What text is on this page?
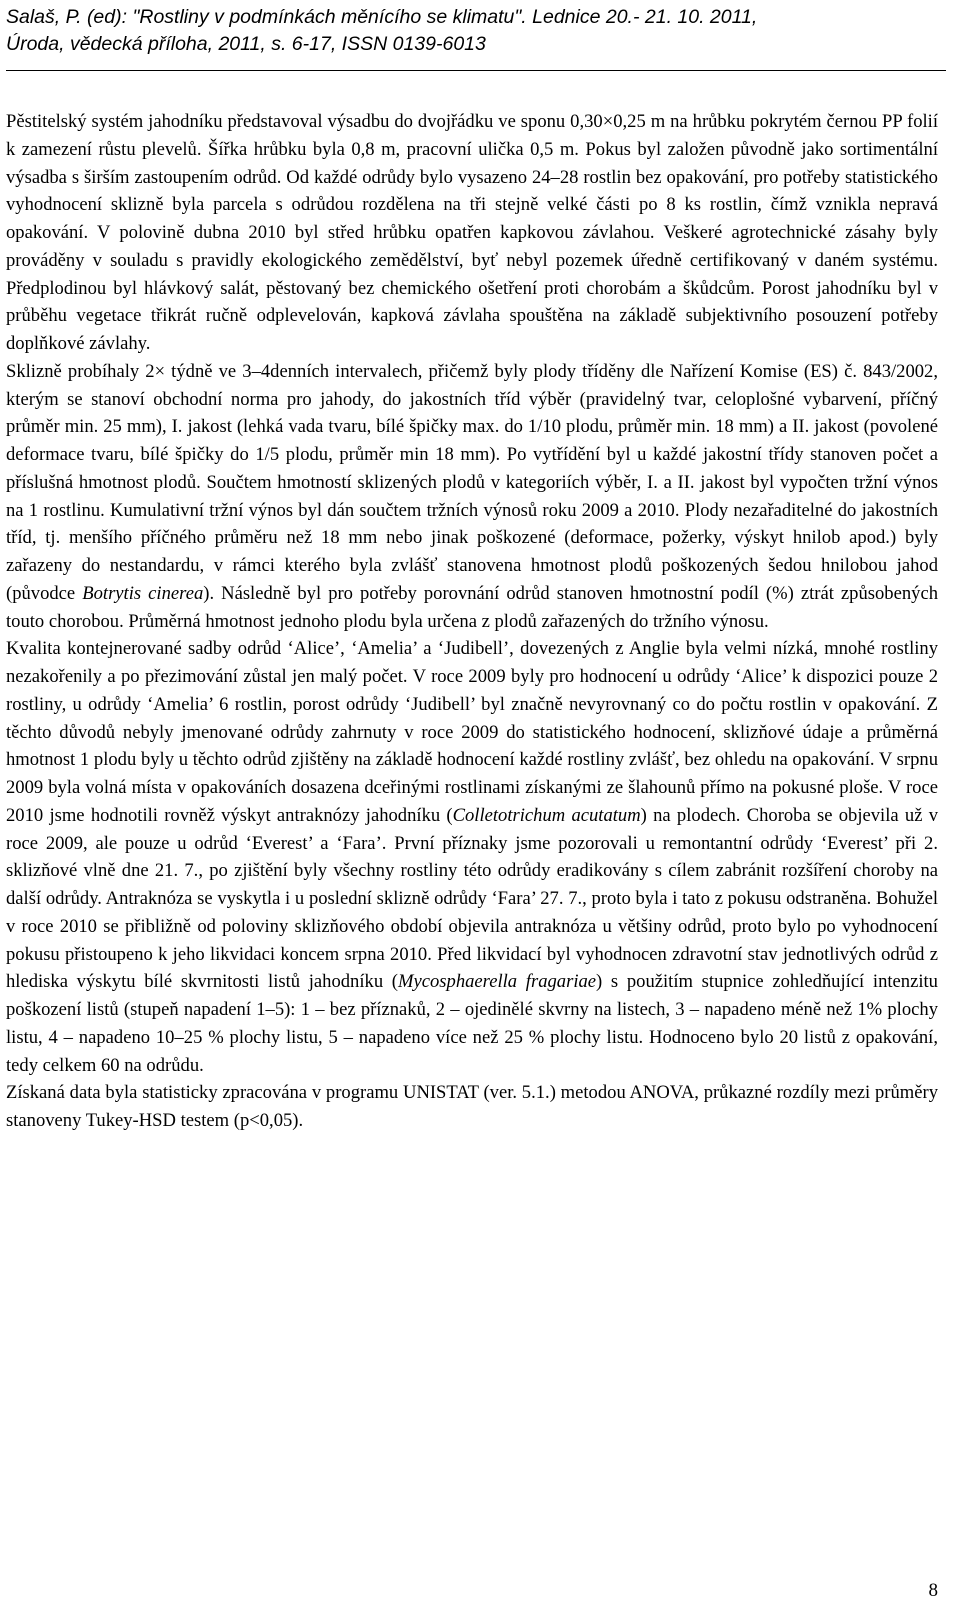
Salaš, P. (ed): "Rostliny v podmínkách měnícího se klimatu". Lednice 20.- 21. 10. 2011,
Úroda, vědecká příloha, 2011, s. 6-17, ISSN 0139-6013

Pěstitelský systém jahodníku představoval výsadbu do dvojřádku ve sponu 0,30×0,25 m na hrůbku pokrytém černou PP folií k zamezení růstu plevelů. Šířka hrůbku byla 0,8 m, pracovní ulička 0,5 m. Pokus byl založen původně jako sortimentální výsadba s širším zastoupením odrůd. Od každé odrůdy bylo vysazeno 24–28 rostlin bez opakování, pro potřeby statistického vyhodnocení sklizně byla parcela s odrůdou rozdělena na tři stejně velké části po 8 ks rostlin, čímž vznikla nepravá opakování. V polovině dubna 2010 byl střed hrůbku opatřen kapkovou závlahou. Veškeré agrotechnické zásahy byly prováděny v souladu s pravidly ekologického zemědělství, byť nebyl pozemek úředně certifikovaný v daném systému. Předplodinou byl hlávkový salát, pěstovaný bez chemického ošetření proti chorobám a škůdcům. Porost jahodníku byl v průběhu vegetace třikrát ručně odplevelován, kapková závlaha spouštěna na základě subjektivního posouzení potřeby doplňkové závlahy.

Sklizně probíhaly 2× týdně ve 3–4denních intervalech, přičemž byly plody tříděny dle Nařízení Komise (ES) č. 843/2002, kterým se stanoví obchodní norma pro jahody, do jakostních tříd výběr (pravidelný tvar, celoplošné vybarvení, příčný průměr min. 25 mm), I. jakost (lehká vada tvaru, bílé špičky max. do 1/10 plodu, průměr min. 18 mm) a II. jakost (povolené deformace tvaru, bílé špičky do 1/5 plodu, průměr min 18 mm). Po vytřídění byl u každé jakostní třídy stanoven počet a příslušná hmotnost plodů. Součtem hmotností sklizených plodů v kategoriích výběr, I. a II. jakost byl vypočten tržní výnos na 1 rostlinu. Kumulativní tržní výnos byl dán součtem tržních výnosů roku 2009 a 2010. Plody nezařaditelné do jakostních tříd, tj. menšího příčného průměru než 18 mm nebo jinak poškozené (deformace, požerky, výskyt hnilob apod.) byly zařazeny do nestandardu, v rámci kterého byla zvlášť stanovena hmotnost plodů poškozených šedou hnilobou jahod (původce Botrytis cinerea). Následně byl pro potřeby porovnání odrůd stanoven hmotnostní podíl (%) ztrát způsobených touto chorobou. Průměrná hmotnost jednoho plodu byla určena z plodů zařazených do tržního výnosu.

Kvalita kontejnerované sadby odrůd ‘Alice’, ‘Amelia’ a ‘Judibell’, dovezených z Anglie byla velmi nízká, mnohé rostliny nezakořenily a po přezimování zůstal jen malý počet. V roce 2009 byly pro hodnocení u odrůdy ‘Alice’ k dispozici pouze 2 rostliny, u odrůdy ‘Amelia’ 6 rostlin, porost odrůdy ‘Judibell’ byl značně nevyrovnaný co do počtu rostlin v opakování. Z těchto důvodů nebyly jmenované odrůdy zahrnuty v roce 2009 do statistického hodnocení, sklizňové údaje a průměrná hmotnost 1 plodu byly u těchto odrůd zjištěny na základě hodnocení každé rostliny zvlášť, bez ohledu na opakování. V srpnu 2009 byla volná místa v opakováních dosazena dceřinými rostlinami získanými ze šlahounů přímo na pokusné ploše. V roce 2010 jsme hodnotili rovněž výskyt antraknózy jahodníku (Colletotrichum acutatum) na plodech. Choroba se objevila už v roce 2009, ale pouze u odrůd ‘Everest’ a ‘Fara’. První příznaky jsme pozorovali u remontantní odrůdy ‘Everest’ při 2. sklizňové vlně dne 21. 7., po zjištění byly všechny rostliny této odrůdy eradikovány s cílem zabránit rozšíření choroby na další odrůdy. Antraknóza se vyskytla i u poslední sklizně odrůdy ‘Fara’ 27. 7., proto byla i tato z pokusu odstraněna. Bohužel v roce 2010 se přibližně od poloviny sklizňového období objevila antraknóza u většiny odrůd, proto bylo po vyhodnocení pokusu přistoupeno k jeho likvidaci koncem srpna 2010. Před likvidací byl vyhodnocen zdravotní stav jednotlivých odrůd z hlediska výskytu bílé skvrnitosti listů jahodníku (Mycosphaerella fragariae) s použitím stupnice zohledňující intenzitu poškození listů (stupeň napadení 1–5): 1 – bez příznaků, 2 – ojedinělé skvrny na listech, 3 – napadeno méně než 1% plochy listu, 4 – napadeno 10–25 % plochy listu, 5 – napadeno více než 25 % plochy listu. Hodnoceno bylo 20 listů z opakování, tedy celkem 60 na odrůdu.

Získaná data byla statisticky zpracována v programu UNISTAT (ver. 5.1.) metodou ANOVA, průkazné rozdíly mezi průměry stanoveny Tukey-HSD testem (p<0,05).

8
